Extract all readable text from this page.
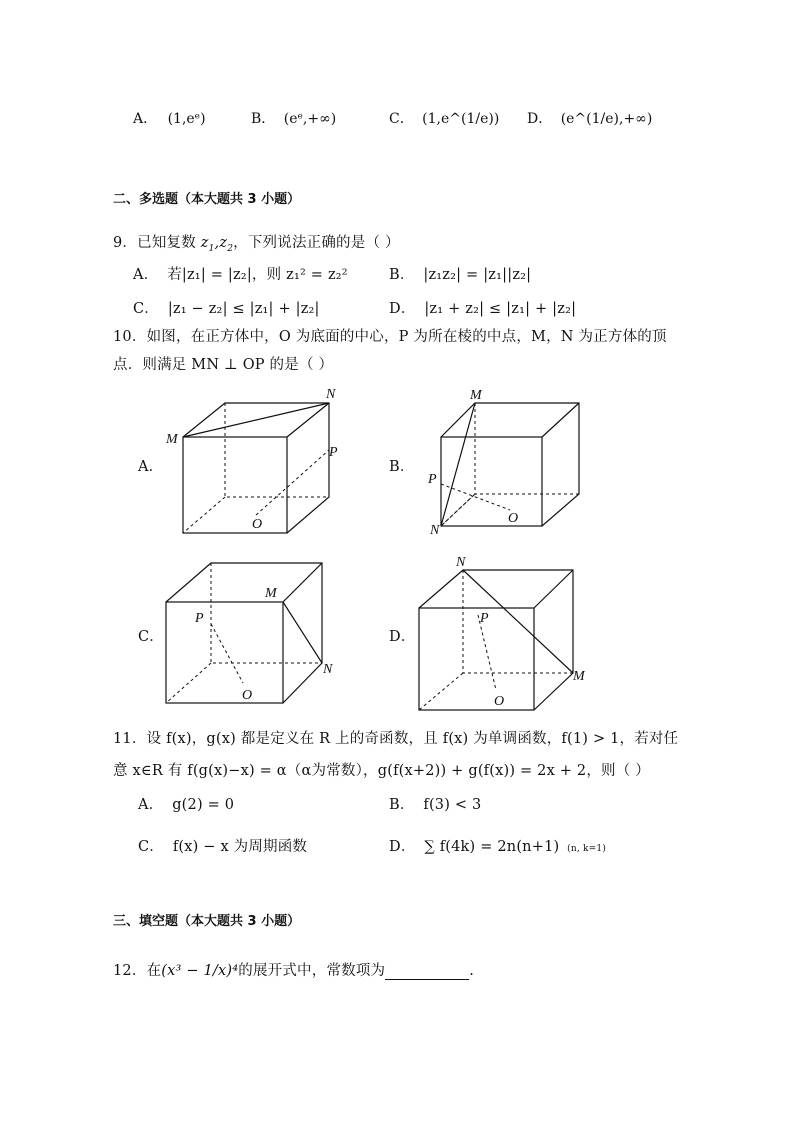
A． (1,eᵉ)	B． (eᵉ,+∞)	C． (1,e^(1/e)) D． (e^(1/e),+∞)
二、多选题（本大题共 3 小题）
9．已知复数 $z_1,z_2$，下列说法正确的是（ ）
A． 若|z₁| = |z₂|，则 z₁² = z₂²	B． |z₁z₂| = |z₁||z₂|
C． |z₁ − z₂| ≤ |z₁| + |z₂|	D． |z₁ + z₂| ≤ |z₁| + |z₂|
10．如图，在正方体中，O 为底面的中心，P 为所在棱的中点，M，N 为正方体的顶
点．则满足 MN ⊥ OP 的是（ ）
A．
M
N
P
O
B．
M
N
P
O
C．
M
N
P
O
D．
N
M
P
O
11．设 f(x)，g(x) 都是定义在 R 上的奇函数，且 f(x) 为单调函数，f(1) > 1，若对任
意 x∈R 有 f(g(x)−x) = α（α为常数），g(f(x+2)) + g(f(x)) = 2x + 2，则（ ）
A． g(2) = 0	B． f(3) < 3
C． f(x) − x 为周期函数	D． ∑ f(4k) = 2n(n+1) (n, k=1)
三、填空题（本大题共 3 小题）
12．在(x³ − 1/x)⁴的展开式中，常数项为	.
